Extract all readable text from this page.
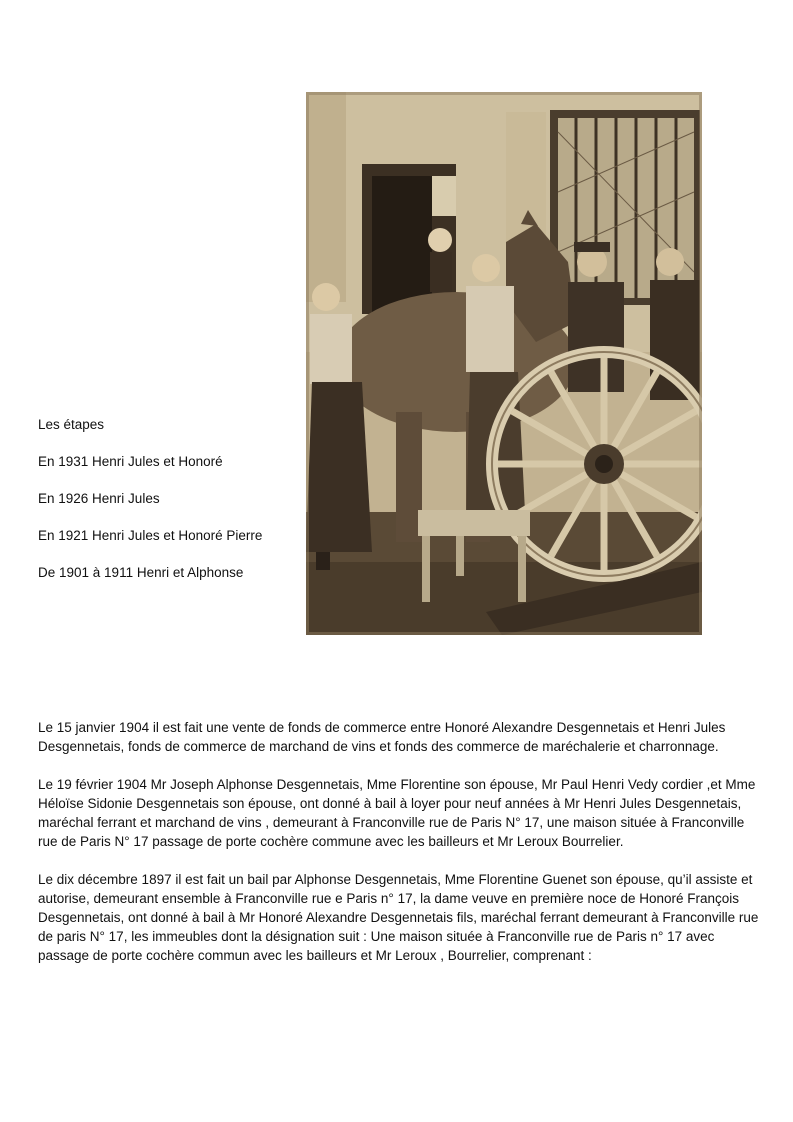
Les étapes

En 1931 Henri Jules et Honoré

En 1926 Henri Jules

En 1921 Henri Jules et Honoré Pierre

De 1901 à 1911 Henri et Alphonse

Le 15 janvier 1904 il est fait une vente de fonds de commerce entre Honoré Alexandre Desgennetais et Henri Jules Desgennetais, fonds de commerce de marchand de vins et fonds des commerce de maréchalerie et charronnage.

Le 19 février 1904 Mr Joseph Alphonse Desgennetais, Mme Florentine son épouse, Mr Paul Henri Vedy cordier ,et Mme Héloïse Sidonie Desgennetais son épouse, ont donné à bail à loyer pour neuf années à Mr Henri Jules Desgennetais, maréchal ferrant et marchand de vins , demeurant à Franconville rue de Paris N° 17, une maison située à Franconville rue de Paris N° 17 passage de porte cochère commune avec les bailleurs et Mr Leroux Bourrelier.

Le dix décembre 1897 il est fait un bail par Alphonse Desgennetais, Mme Florentine Guenet son épouse, qu’il assiste et autorise, demeurant ensemble à Franconville rue e Paris n° 17, la dame veuve en première noce de Honoré François Desgennetais, ont donné à bail à Mr Honoré Alexandre Desgennetais fils, maréchal ferrant demeurant à Franconville rue de paris N° 17, les immeubles dont la désignation suit : Une maison située à Franconville rue de Paris n° 17 avec passage de porte cochère commun avec les bailleurs et Mr Leroux , Bourrelier, comprenant :
